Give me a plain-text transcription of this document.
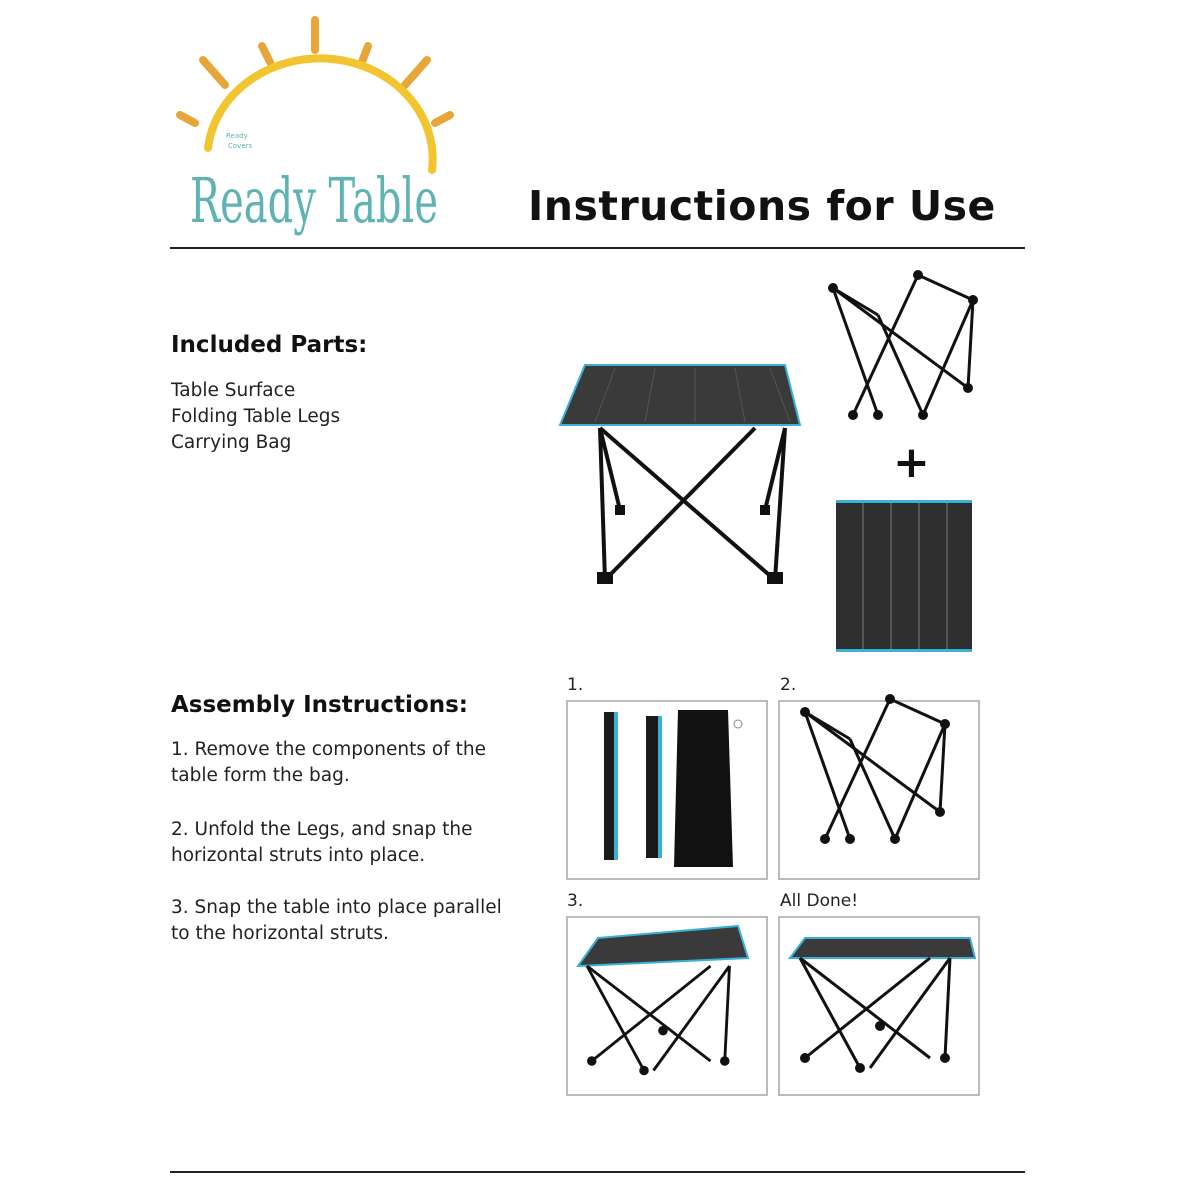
Ready
Covers
Ready Table Instructions for Use
Included Parts:
Table Surface
Folding Table Legs
Carrying Bag
Assembly Instructions:
1. Remove the components of the
table form the bag.
2. Unfold the Legs, and snap the
horizontal struts into place.
3. Snap the table into place parallel
to the horizontal struts.
+
1.	2.
3.	All Done!
